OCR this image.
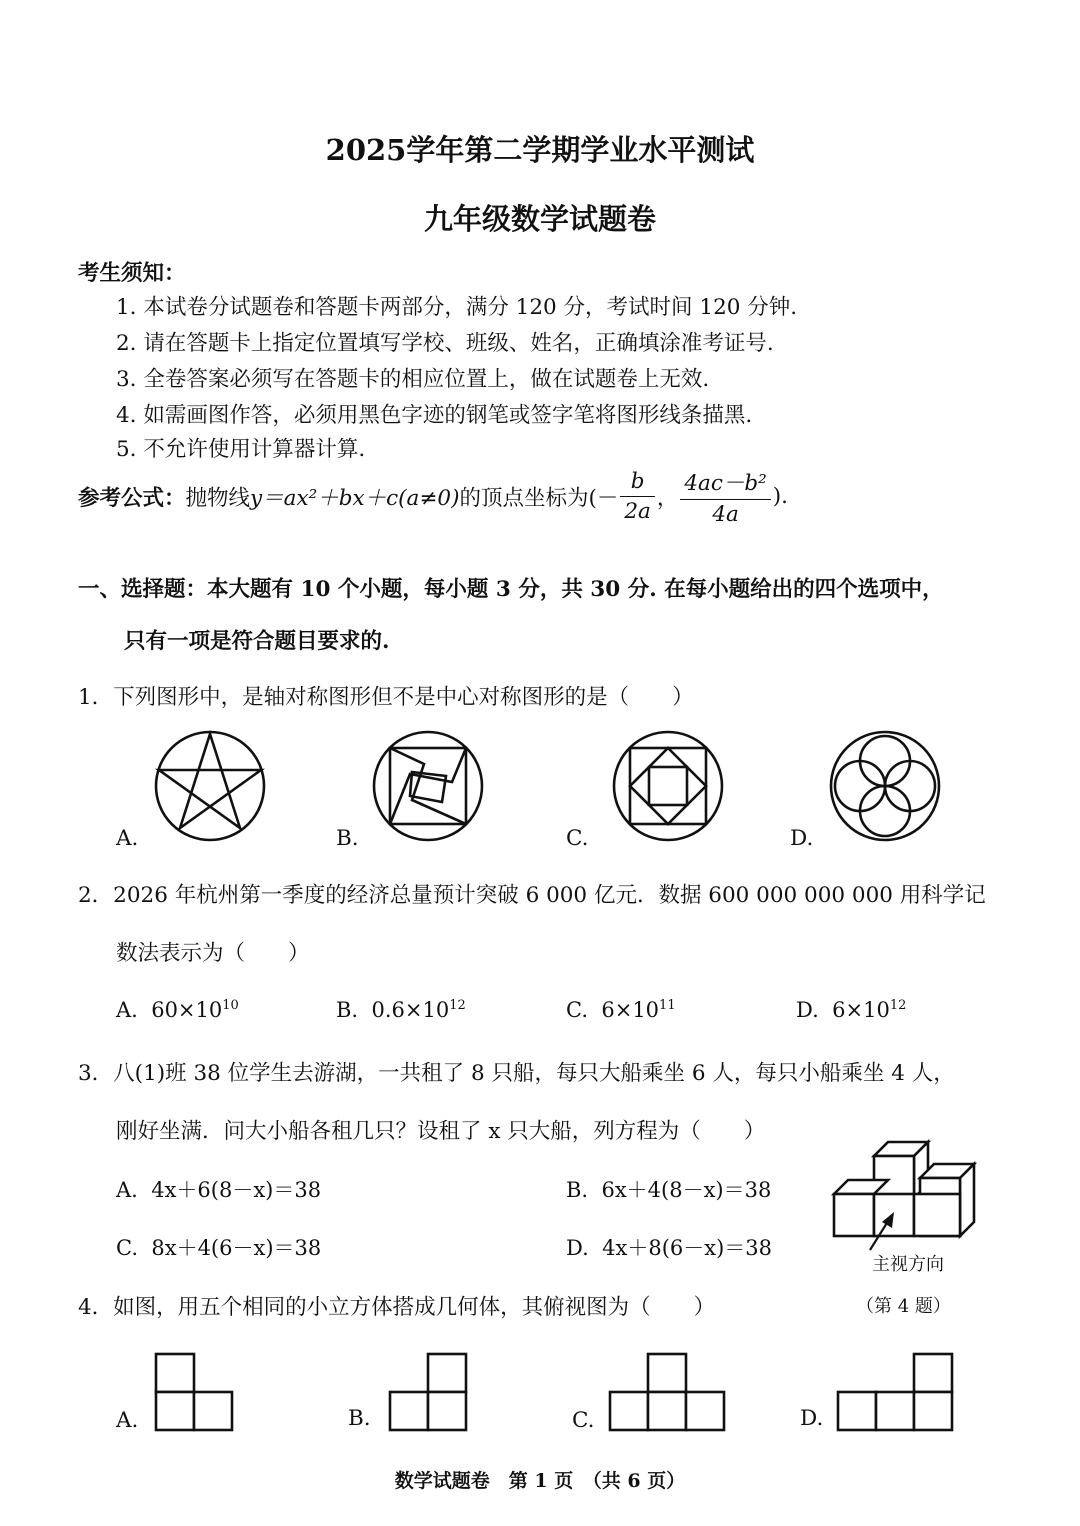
2025学年第二学期学业水平测试
九年级数学试题卷
考生须知：
1. 本试卷分试题卷和答题卡两部分，满分 120 分，考试时间 120 分钟.
2. 请在答题卡上指定位置填写学校、班级、姓名，正确填涂准考证号.
3. 全卷答案必须写在答题卡的相应位置上，做在试题卷上无效.
4. 如需画图作答，必须用黑色字迹的钢笔或签字笔将图形线条描黑.
5. 不允许使用计算器计算.
参考公式： 抛物线 y＝ax²＋bx＋c(a≠0) 的顶点坐标为(－ $\frac{b}{2a}$ ， $\frac{\text{4ac－b²}}{4a}$ ).
一、选择题：本大题有 10 个小题，每小题 3 分，共 30 分. 在每小题给出的四个选项中，
只有一项是符合题目要求的.
1．下列图形中，是轴对称图形但不是中心对称图形的是（　　）
A.	B.	C.	D.
2．2026 年杭州第一季度的经济总量预计突破 6 000 亿元．数据 600 000 000 000 用科学记
数法表示为（　　）
A. $60\times 10^{10}$	B. $0.6\times 10^{12}$	C. $6\times 10^{11}$	D. $6\times 10^{12}$
3．八(1)班 38 位学生去游湖，一共租了 8 只船，每只大船乘坐 6 人，每只小船乘坐 4 人，
刚好坐满．问大小船各租几只？设租了 x 只大船，列方程为（　　）
A. 4x＋6(8－x)＝38	B. 6x＋4(8－x)＝38
C. 8x＋4(6－x)＝38	D. 4x＋8(6－x)＝38
主视方向
（第 4 题）
4．如图，用五个相同的小立方体搭成几何体，其俯视图为（　　）
A.	B.	C.	D.
数学试题卷　第 1 页　（共 6 页）
